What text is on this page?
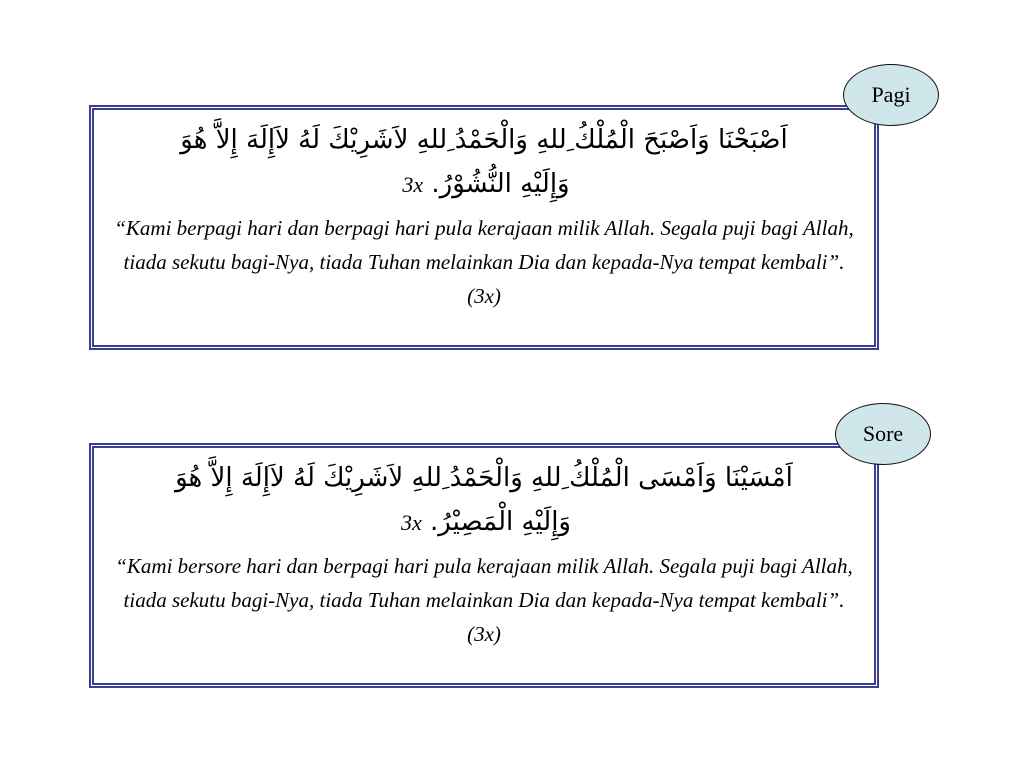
اَصْبَحْنَا وَاَصْبَحَ الْمُلْكُ ِللهِ وَالْحَمْدُ ِللهِ لاَشَرِيْكَ لَهُ لاَإِلَهَ إِلاَّ هُوَ

وَإِلَيْهِ النُّشُوْرُ. 3x

“Kami berpagi hari dan berpagi hari pula kerajaan milik Allah. Segala puji bagi Allah, tiada sekutu bagi-Nya, tiada Tuhan melainkan Dia dan kepada-Nya tempat kembali”. (3x)

Pagi

اَمْسَيْنَا وَاَمْسَى الْمُلْكُ ِللهِ وَالْحَمْدُ ِللهِ لاَشَرِيْكَ لَهُ لاَإِلَهَ إِلاَّ هُوَ

وَإِلَيْهِ الْمَصِيْرُ. 3x

“Kami bersore hari dan berpagi hari pula kerajaan milik Allah. Segala puji bagi Allah, tiada sekutu bagi-Nya, tiada Tuhan melainkan Dia dan kepada-Nya tempat kembali”. (3x)

Sore
